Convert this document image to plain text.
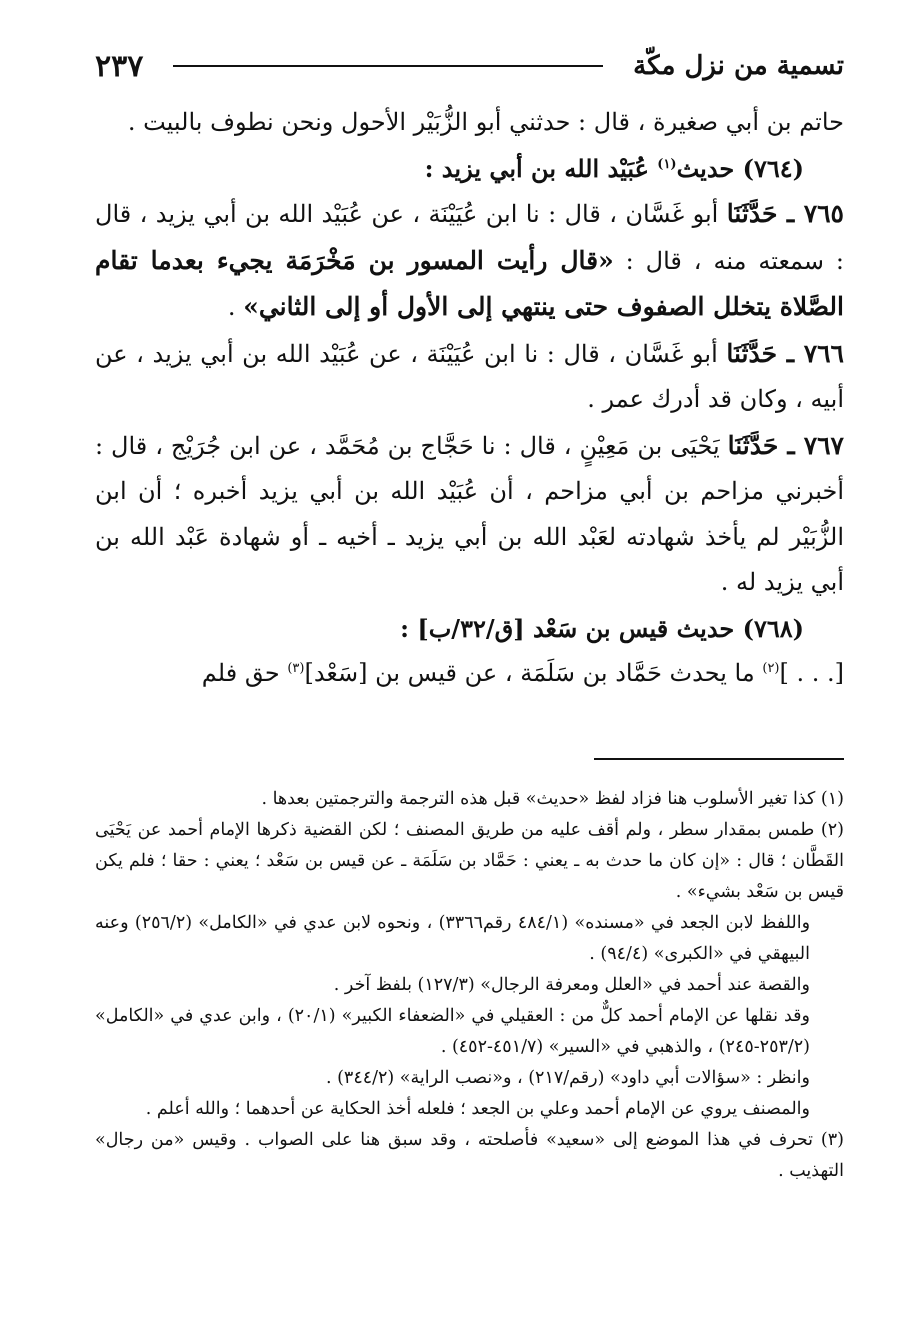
تسمية من نزل مكّة
٢٣٧

حاتم بن أبي صغيرة ، قال : حدثني أبو الزُّبَيْر الأحول ونحن نطوف بالبيت .

(٧٦٤) حديث$^{(١)}$ عُبَيْد الله بن أبي يزيد :

٧٦٥ ـ حَدَّثَنَا أبو غَسَّان ، قال : نا ابن عُيَيْنَة ، عن عُبَيْد الله بن أبي يزيد ، قال : سمعته منه ، قال : «قال رأيت المسور بن مَخْرَمَة يجيء بعدما تقام الصَّلاة يتخلل الصفوف حتى ينتهي إلى الأول أو إلى الثاني» .

٧٦٦ ـ حَدَّثَنَا أبو غَسَّان ، قال : نا ابن عُيَيْنَة ، عن عُبَيْد الله بن أبي يزيد ، عن أبيه ، وكان قد أدرك عمر .

٧٦٧ ـ حَدَّثَنَا يَحْيَى بن مَعِيْنٍ ، قال : نا حَجَّاج بن مُحَمَّد ، عن ابن جُرَيْج ، قال : أخبرني مزاحم بن أبي مزاحم ، أن عُبَيْد الله بن أبي يزيد أخبره ؛ أن ابن الزُّبَيْر لم يأخذ شهادته لعَبْد الله بن أبي يزيد ـ أخيه ـ أو شهادة عَبْد الله بن أبي يزيد له .

(٧٦٨) حديث قيس بن سَعْد [ق/٣٢/ب] :

[. . . ]$^{(٢)}$ ما يحدث حَمَّاد بن سَلَمَة ، عن قيس بن [سَعْد]$^{(٣)}$ حق فلم

(١) كذا تغير الأسلوب هنا فزاد لفظ «حديث» قبل هذه الترجمة والترجمتين بعدها .

(٢) طمس بمقدار سطر ، ولم أقف عليه من طريق المصنف ؛ لكن القضية ذكرها الإمام أحمد عن يَحْيَى القَطَّان ؛ قال : «إن كان ما حدث به ـ يعني : حَمَّاد بن سَلَمَة ـ عن قيس بن سَعْد ؛ يعني : حقا ؛ فلم يكن قيس بن سَعْد بشيء» .

واللفظ لابن الجعد في «مسنده» (٤٨٤/١ رقم٣٣٦٦) ، ونحوه لابن عدي في «الكامل» (٢٥٦/٢) وعنه البيهقي في «الكبرى» (٩٤/٤) .

والقصة عند أحمد في «العلل ومعرفة الرجال» (١٢٧/٣) بلفظ آخر .

وقد نقلها عن الإمام أحمد كلٌّ من : العقيلي في «الضعفاء الكبير» (٢٠/١) ، وابن عدي في «الكامل» (٢٥٣/٢-٢٤٥) ، والذهبي في «السير» (٤٥١/٧-٤٥٢) .

وانظر : «سؤالات أبي داود» (رقم/٢١٧) ، و«نصب الراية» (٣٤٤/٢) .

والمصنف يروي عن الإمام أحمد وعلي بن الجعد ؛ فلعله أخذ الحكاية عن أحدهما ؛ والله أعلم .

(٣) تحرف في هذا الموضع إلى «سعيد» فأصلحته ، وقد سبق هنا على الصواب . وقيس «من رجال» التهذيب .
